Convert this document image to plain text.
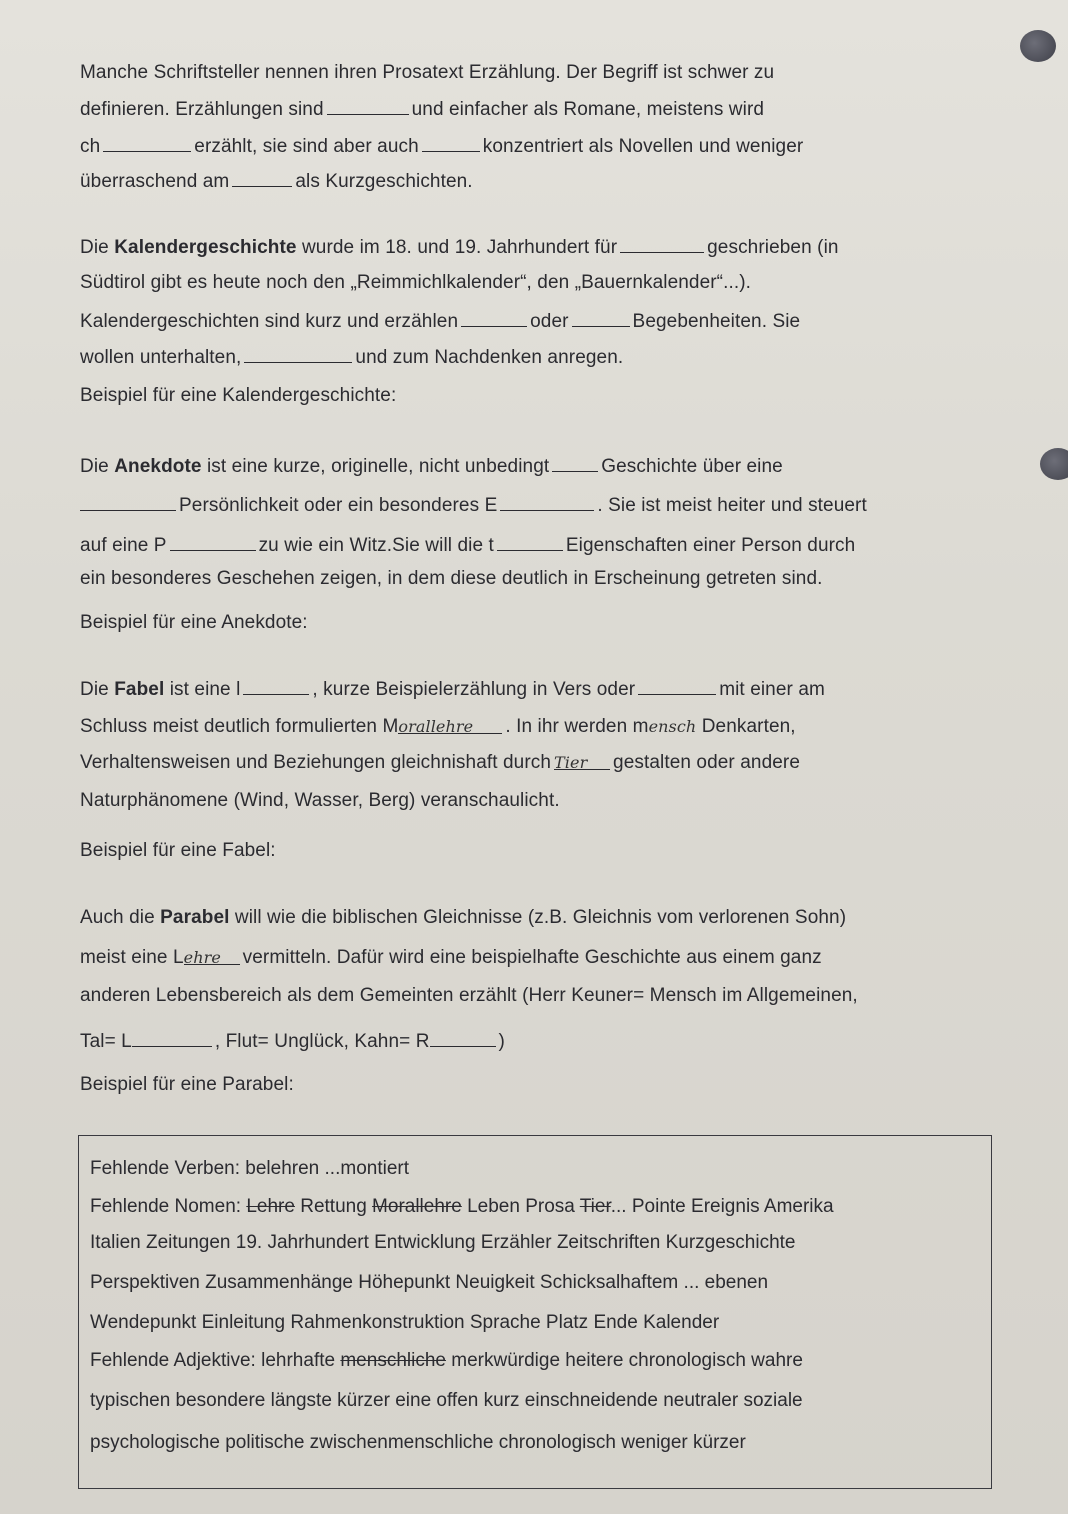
Manche Schriftsteller nennen ihren Prosatext Erzählung. Der Begriff ist schwer zu
definieren. Erzählungen sind	und einfacher als Romane, meistens wird
ch	erzählt, sie sind aber auch	konzentriert als Novellen und weniger
überraschend am	als Kurzgeschichten.
Die Kalendergeschichte wurde im 18. und 19. Jahrhundert für	geschrieben (in
Südtirol gibt es heute noch den „Reimmichlkalender“, den „Bauernkalender“...).
Kalendergeschichten sind kurz und erzählen	oder	Begebenheiten. Sie
wollen unterhalten,	und zum Nachdenken anregen.
Beispiel für eine Kalendergeschichte:
Die Anekdote ist eine kurze, originelle, nicht unbedingt	Geschichte über eine
Persönlichkeit oder ein besonderes E	. Sie ist meist heiter und steuert
auf eine P	zu wie ein Witz.Sie will die t	Eigenschaften einer Person durch
ein besonderes Geschehen zeigen, in dem diese deutlich in Erscheinung getreten sind.
Beispiel für eine Anekdote:
Die Fabel ist eine l	, kurze Beispielerzählung in Vers oder	mit einer am
Schluss meist deutlich formulierten Morallehre . In ihr werden mensch Denkarten,
Verhaltensweisen und Beziehungen gleichnishaft durch Tier gestalten oder andere
Naturphänomene (Wind, Wasser, Berg) veranschaulicht.
Beispiel für eine Fabel:
Auch die Parabel will wie die biblischen Gleichnisse (z.B. Gleichnis vom verlorenen Sohn)
meist eine Lehre vermitteln. Dafür wird eine beispielhafte Geschichte aus einem ganz
anderen Lebensbereich als dem Gemeinten erzählt (Herr Keuner= Mensch im Allgemeinen,
Tal= L	, Flut= Unglück, Kahn= R	)
Beispiel für eine Parabel:
Fehlende Verben: belehren ...montiert
Fehlende Nomen: Lehre Rettung Morallehre Leben Prosa Tier... Pointe Ereignis Amerika
Italien Zeitungen 19. Jahrhundert Entwicklung Erzähler Zeitschriften Kurzgeschichte
Perspektiven Zusammenhänge Höhepunkt Neuigkeit Schicksalhaftem ... ebenen
Wendepunkt Einleitung Rahmenkonstruktion Sprache Platz Ende Kalender
Fehlende Adjektive: lehrhafte menschliche merkwürdige heitere chronologisch wahre
typischen besondere längste kürzer eine offen kurz einschneidende neutraler soziale
psychologische politische zwischenmenschliche chronologisch weniger kürzer
